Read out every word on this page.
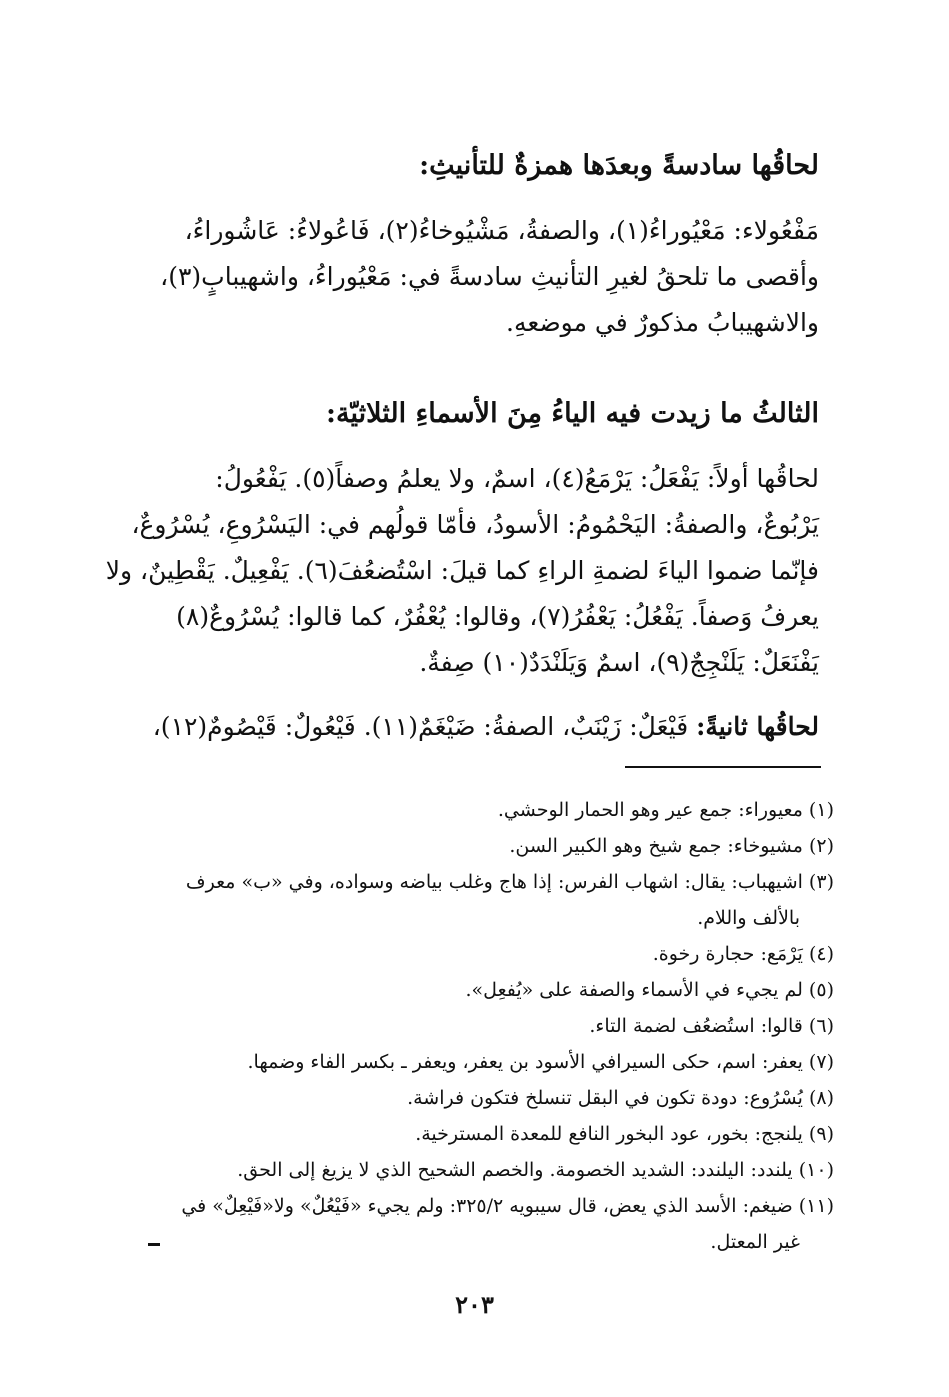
لحاقُها سادسةً وبعدَها همزةٌ للتأنيثِ:
مَفْعُولاء: مَعْيُوراءُ(١)، والصفةُ، مَشْيُوخاءُ(٢)، فَاعُولاءُ: عَاشُوراءُ،
وأقصى ما تلحقُ لغيرِ التأنيثِ سادسةً في: مَعْيُوراءُ، واشهيبابٍ(٣)،
والاشهيبابُ مذكورٌ في موضعهِ.
الثالثُ ما زيدت فيه الياءُ مِنَ الأسماءِ الثلاثيّة:
لحاقُها أولاً: يَفْعَلُ: يَرْمَعُ(٤)، اسمٌ، ولا يعلمُ وصفاً(٥). يَفْعُولُ:
يَرْبُوعٌ، والصفةُ: اليَحْمُومُ: الأسودُ، فأمّا قولُهم في: اليَسْرُوعِ، يُسْرُوعٌ،
فإنّما ضموا الياءَ لضمةِ الراءِ كما قيلَ: اسْتُضعُفَ(٦). يَفْعِيلٌ. يَقْطِينٌ، ولا
يعرفُ وَصفاً. يَفْعُلُ: يَعْفُرُ(٧)، وقالوا: يُعْفُرٌ، كما قالوا: يُسْرُوعٌ(٨)
يَفْنَعَلٌ: يَلَنْجِجٌ(٩)، اسمٌ وَيَلَنْدَدٌ(١٠) صِفةٌ.
لحاقُها ثانيةً: فَيْعَلٌ: زَيْنَبٌ، الصفةُ: ضَيْغَمٌ(١١). فَيْعُولٌ: قَيْصُومٌ(١٢)،
(١) معيوراء: جمع عير وهو الحمار الوحشي.
(٢) مشيوخاء: جمع شيخ وهو الكبير السن.
(٣) اشيهباب: يقال: اشهاب الفرس: إذا هاج وغلب بياضه وسواده، وفي «ب» معرف
بالألف واللام.
(٤) يَرْمَع: حجارة رخوة.
(٥) لم يجيء في الأسماء والصفة على «يُفعِل».
(٦) قالوا: استُضعُف لضمة التاء.
(٧) يعفر: اسم، حكى السيرافي الأسود بن يعفر، ويعفر ـ بكسر الفاء وضمها.
(٨) يُسْرُوع: دودة تكون في البقل تنسلخ فتكون فراشة.
(٩) يلنجج: بخور، عود البخور النافع للمعدة المسترخية.
(١٠) يلندد: اليلندد: الشديد الخصومة. والخصم الشحيح الذي لا يزيغ إلى الحق.
(١١) ضيغم: الأسد الذي يعض، قال سيبويه ٣٢٥/٢: ولم يجيء «فَيْعُلٌ» ولا«فَيْعِلٌ» في
غير المعتل.
٢٠٣
